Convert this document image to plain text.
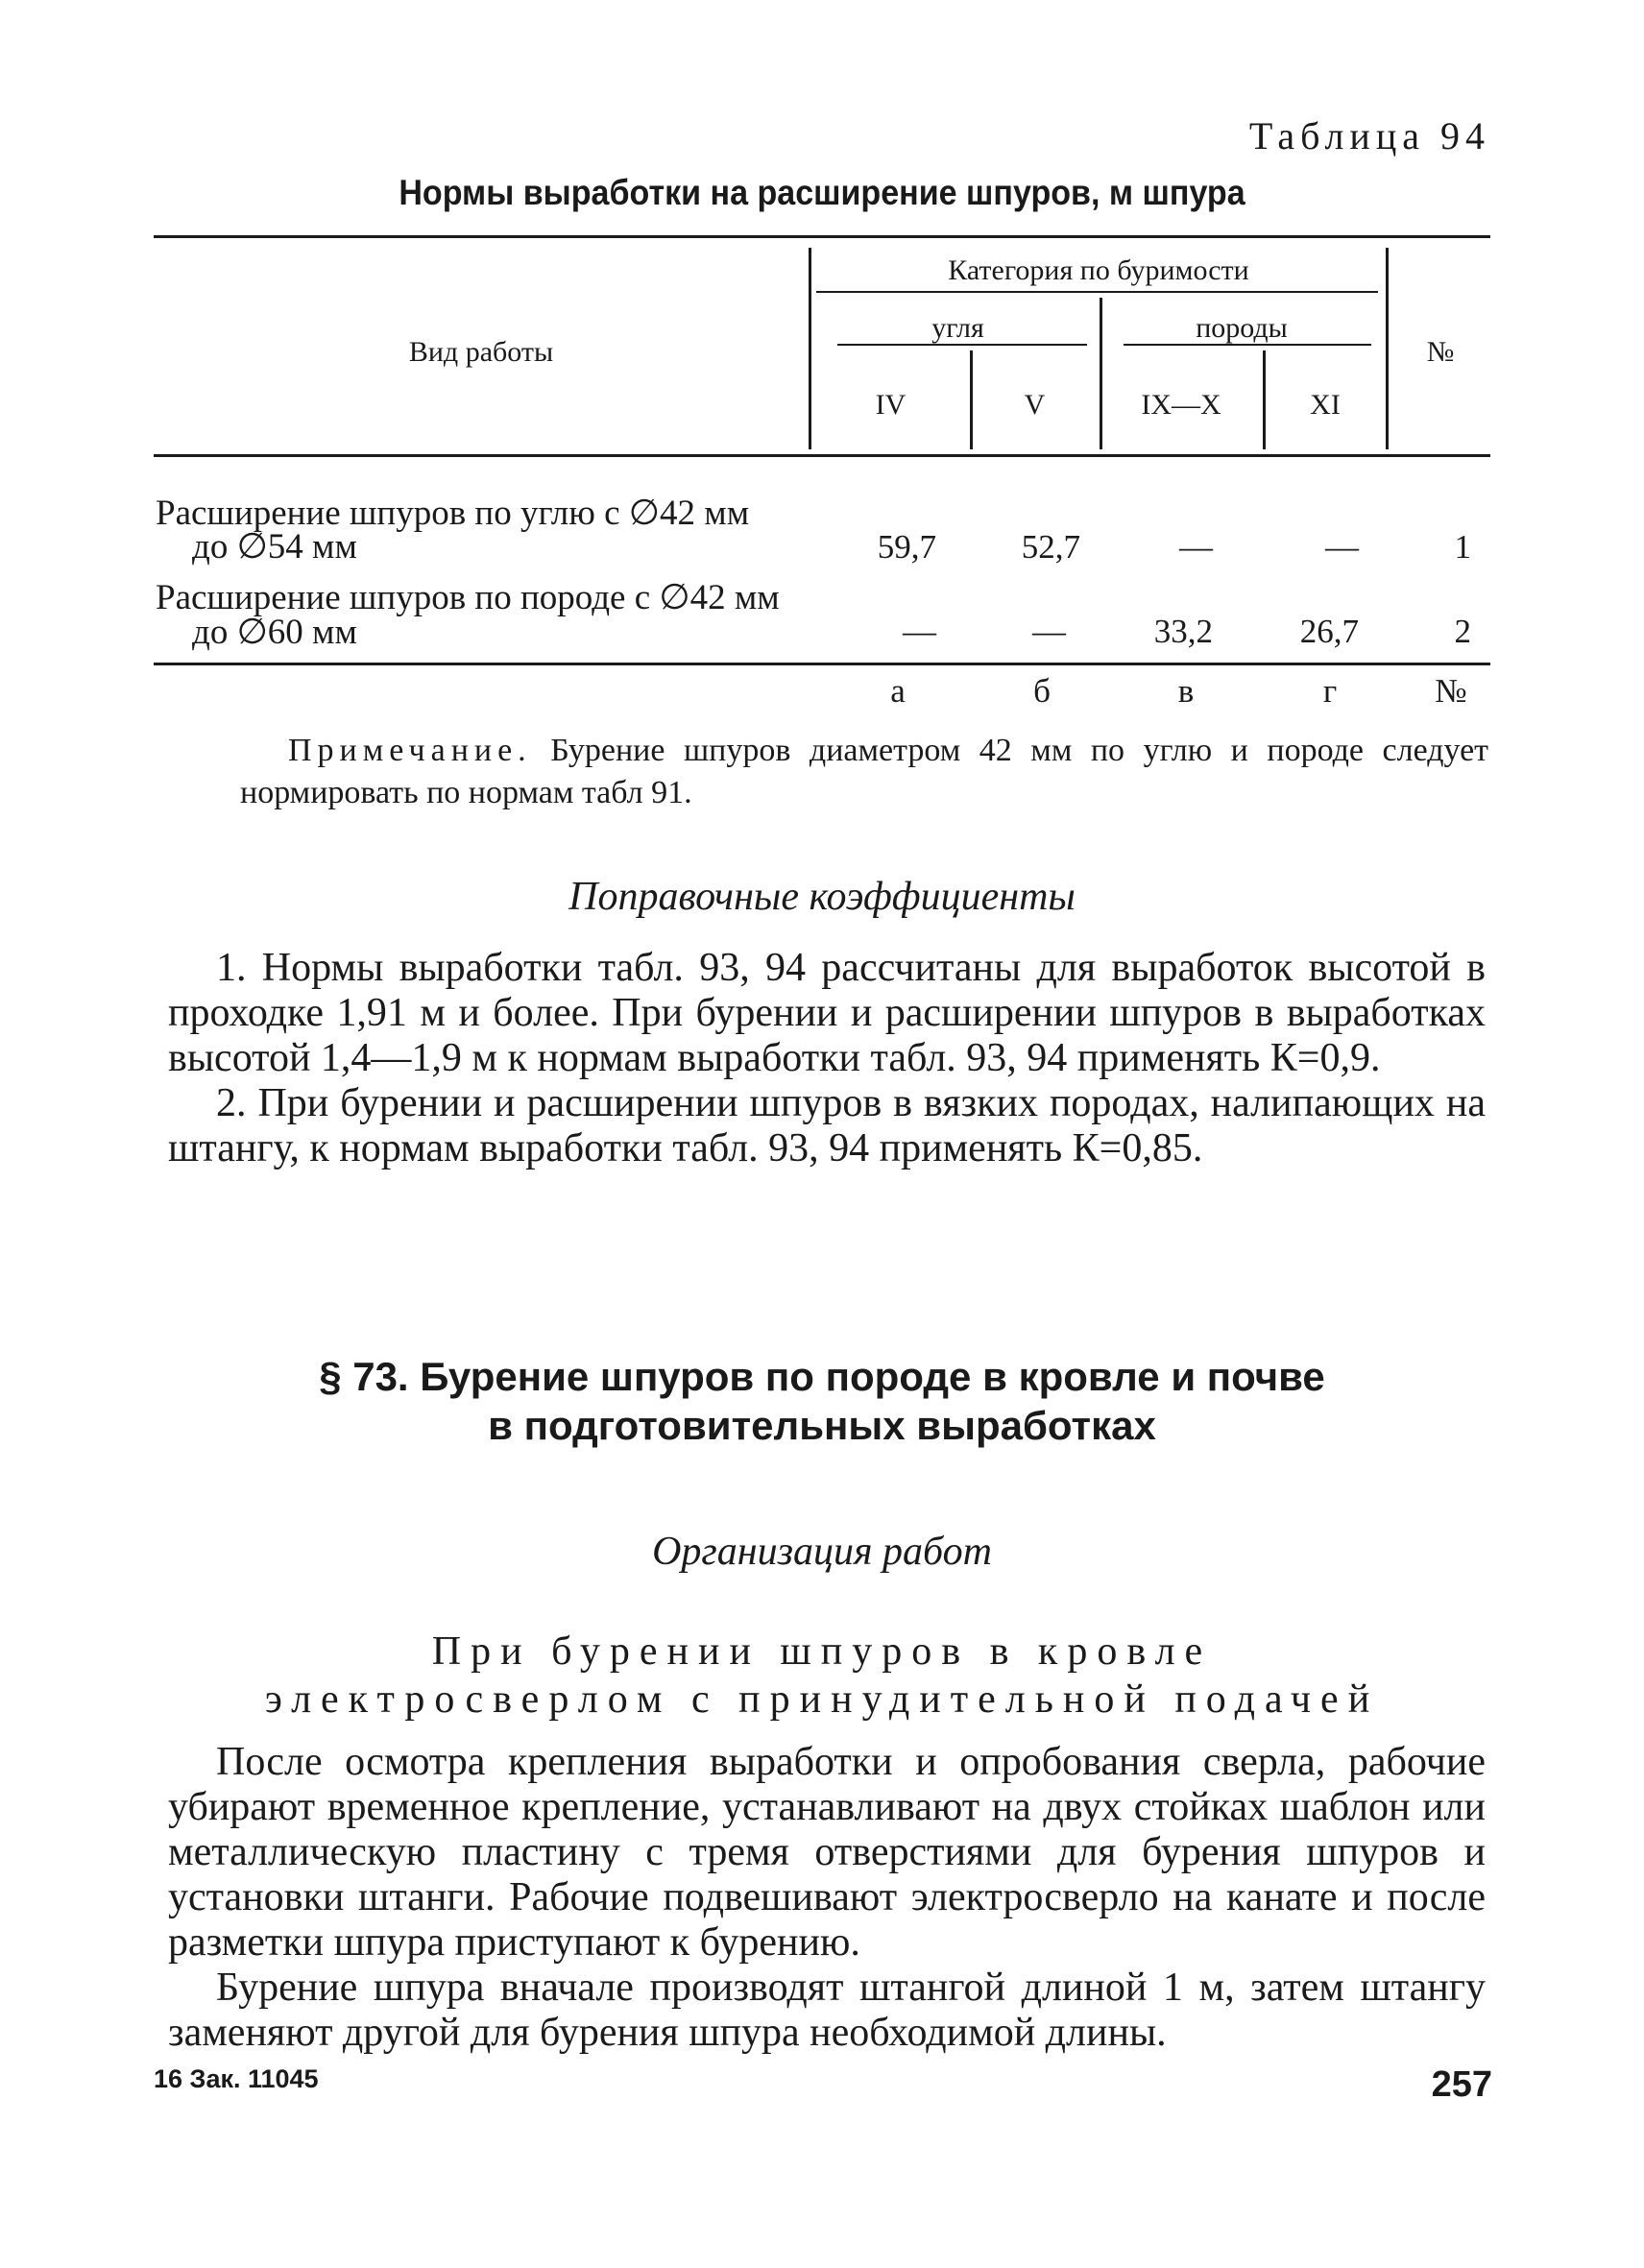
Таблица 94
Нормы выработки на расширение шпуров, м шпура
Вид работы
Категория по буримости
угля	породы
IV	V	IX—X	XI
№
Расширение шпуров по углю с ∅42 мм
до ∅54 мм	59,7	52,7	—	—	1
Расширение шпуров по породе с ∅42 мм
до ∅60 мм	—	—	33,2	26,7	2
а	б	в	г	№
Примечание. Бурение шпуров диаметром 42 мм по углю и породе следует нормировать по нормам табл 91.
Поправочные коэффициенты

1. Нормы выработки табл. 93, 94 рассчитаны для выработок высотой в проходке 1,91 м и более. При бурении и расширении шпуров в выработках высотой 1,4—1,9 м к нормам выработки табл. 93, 94 применять К=0,9.

2. При бурении и расширении шпуров в вязких породах, налипающих на штангу, к нормам выработки табл. 93, 94 применять К=0,85.

§ 73. Бурение шпуров по породе в кровле и почве
в подготовительных выработках
Организация работ
При бурении шпуров в кровле
электросверлом с принудительной подачей

После осмотра крепления выработки и опробования сверла, рабочие убирают временное крепление, устанавливают на двух стойках шаблон или металлическую пластину с тремя отверстиями для бурения шпуров и установки штанги. Рабочие подвешивают электросверло на канате и после разметки шпура приступают к бурению.

Бурение шпура вначале производят штангой длиной 1 м, затем штангу заменяют другой для бурения шпура необходимой длины.

16 Зак. 11045	257
